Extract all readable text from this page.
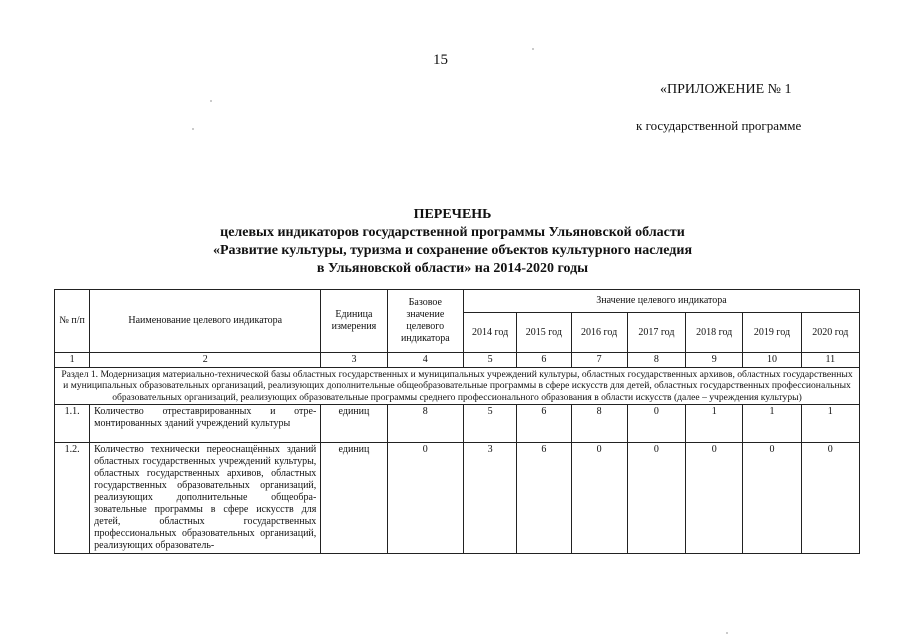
15
«ПРИЛОЖЕНИЕ № 1
к государственной программе
ПЕРЕЧЕНЬ
целевых индикаторов государственной программы Ульяновской области
«Развитие культуры, туризма и сохранение объектов культурного наследия
в Ульяновской области» на 2014-2020 годы
№ п/п	Наименование целевого индикатора	Единица измерения	Базовое значение целевого индикатора	Значение целевого индикатора						
				2014 год	2015 год	2016 год	2017 год	2018 год	2019 год	2020 год
1	2	3	4	5	6	7	8	9	10	11
Раздел 1. Модернизация материально-технической базы областных государственных и муниципальных учреждений культуры, областных государственных архивов, областных государственных и муниципальных образовательных организаций, реализующих дополнительные общеобразовательные программы в сфере искусств для детей, областных государственных профессиональных образовательных организаций, реализующих образовательные программы среднего профессионального образования в области искусств (далее – учреждения культуры)										
1.1.	Количество отреставрированных и отремонтированных зданий учреждений культуры	единиц	8	5	6	8	0	1	1	1
1.2.	Количество технически переоснащённых зданий областных государственных учреждений культуры, областных государственных архивов, областных государственных образовательных организаций, реализующих дополнительные общеобразовательные программы в сфере искусств для детей, областных государственных профессиональных образовательных организаций, реализующих образователь-	единиц	0	3	6	0	0	0	0	0
